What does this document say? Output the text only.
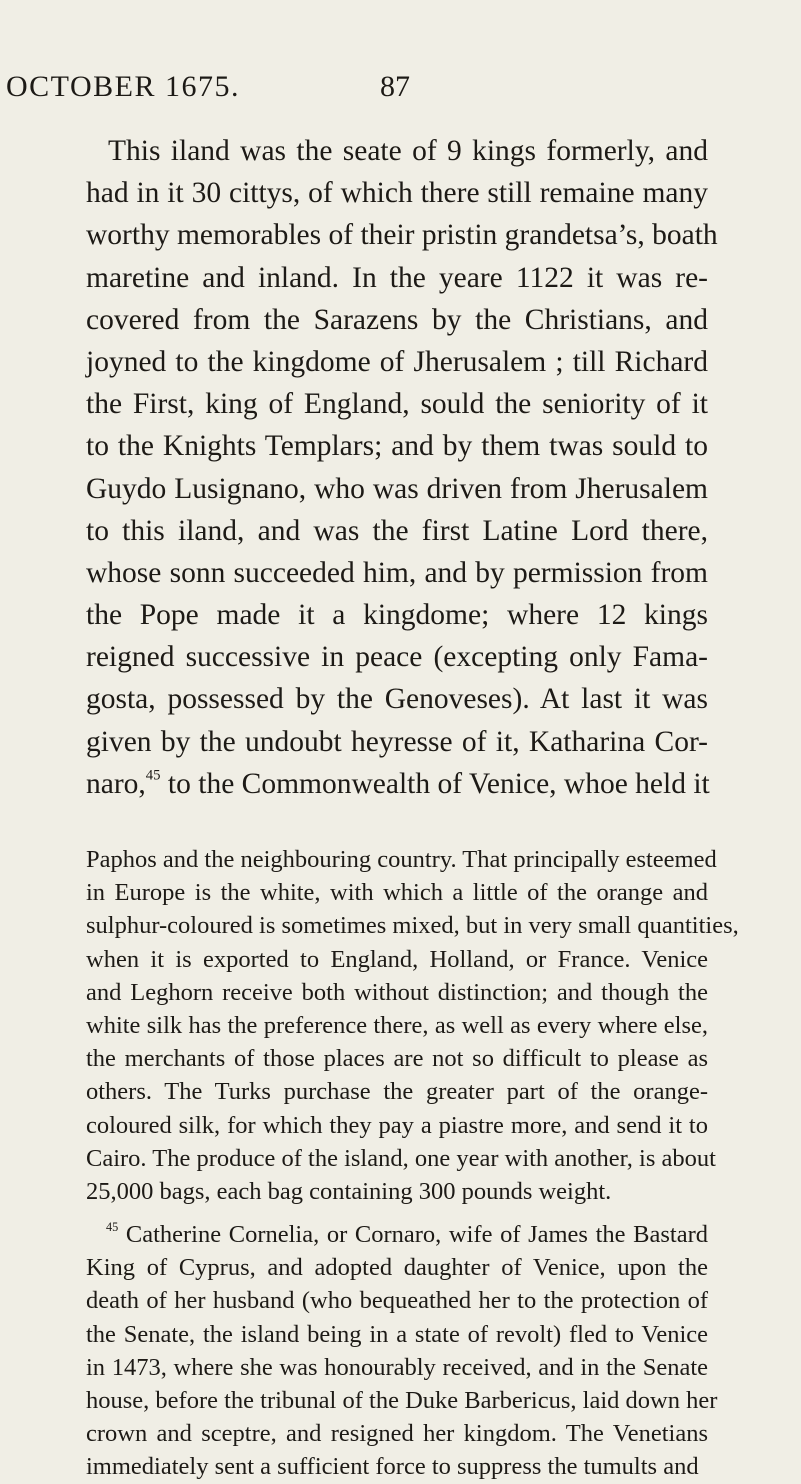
OCTOBER 1675.	87
This iland was the seate of 9 kings formerly, and
had in it 30 cittys, of which there still remaine many
worthy memorables of their pristin grandetsa’s, boath
maretine and inland. In the yeare 1122 it was re-
covered from the Sarazens by the Christians, and
joyned to the kingdome of Jherusalem ; till Richard
the First, king of England, sould the seniority of it
to the Knights Templars; and by them twas sould to
Guydo Lusignano, who was driven from Jherusalem
to this iland, and was the first Latine Lord there,
whose sonn succeeded him, and by permission from
the Pope made it a kingdome; where 12 kings
reigned successive in peace (excepting only Fama-
gosta, possessed by the Genoveses). At last it was
given by the undoubt heyresse of it, Katharina Cor-
naro,$^{45}$ to the Commonwealth of Venice, whoe held it
Paphos and the neighbouring country. That principally esteemed
in Europe is the white, with which a little of the orange and
sulphur-coloured is sometimes mixed, but in very small quantities,
when it is exported to England, Holland, or France. Venice
and Leghorn receive both without distinction; and though the
white silk has the preference there, as well as every where else,
the merchants of those places are not so difficult to please as
others. The Turks purchase the greater part of the orange-
coloured silk, for which they pay a piastre more, and send it to
Cairo. The produce of the island, one year with another, is about
25,000 bags, each bag containing 300 pounds weight.
$^{45}$ Catherine Cornelia, or Cornaro, wife of James the Bastard
King of Cyprus, and adopted daughter of Venice, upon the
death of her husband (who bequeathed her to the protection of
the Senate, the island being in a state of revolt) fled to Venice
in 1473, where she was honourably received, and in the Senate
house, before the tribunal of the Duke Barbericus, laid down her
crown and sceptre, and resigned her kingdom. The Venetians
immediately sent a sufficient force to suppress the tumults and
